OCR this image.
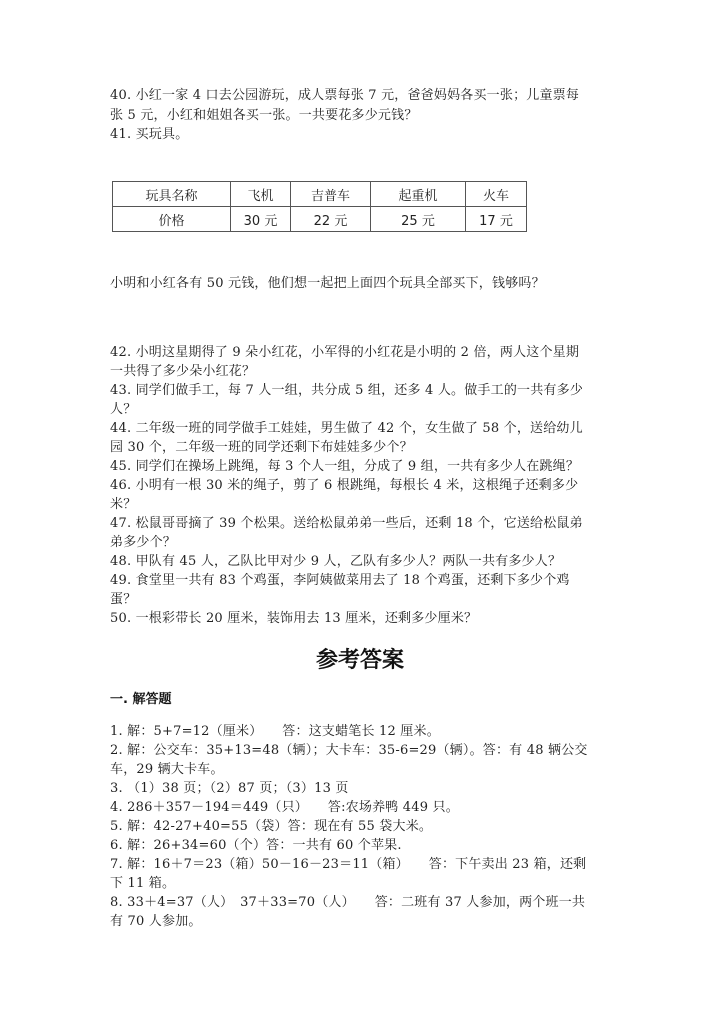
40. 小红一家 4 口去公园游玩，成人票每张 7 元，爸爸妈妈各买一张；儿童票每
张 5 元，小红和姐姐各买一张。一共要花多少元钱？
41. 买玩具。
玩具名称	飞机	吉普车	起重机	火车
价格	30 元	22 元	25 元	17 元
小明和小红各有 50 元钱，他们想一起把上面四个玩具全部买下，钱够吗？
42. 小明这星期得了 9 朵小红花，小军得的小红花是小明的 2 倍，两人这个星期
一共得了多少朵小红花？
43. 同学们做手工，每 7 人一组，共分成 5 组，还多 4 人。做手工的一共有多少
人？
44. 二年级一班的同学做手工娃娃，男生做了 42 个，女生做了 58 个，送给幼儿
园 30 个，二年级一班的同学还剩下布娃娃多少个？
45. 同学们在操场上跳绳，每 3 个人一组，分成了 9 组，一共有多少人在跳绳？
46. 小明有一根 30 米的绳子，剪了 6 根跳绳，每根长 4 米，这根绳子还剩多少
米？
47. 松鼠哥哥摘了 39 个松果。送给松鼠弟弟一些后，还剩 18 个，它送给松鼠弟
弟多少个？
48. 甲队有 45 人，乙队比甲对少 9 人，乙队有多少人？两队一共有多少人？
49. 食堂里一共有 83 个鸡蛋，李阿姨做菜用去了 18 个鸡蛋，还剩下多少个鸡
蛋？
50. 一根彩带长 20 厘米，装饰用去 13 厘米，还剩多少厘米？
参考答案
一. 解答题
1. 解：5+7=12（厘米）　　答：这支蜡笔长 12 厘米。
2. 解：公交车：35+13=48（辆）；大卡车：35-6=29（辆）。答：有 48 辆公交
车，29 辆大卡车。
3. （1）38 页；（2）87 页；（3）13 页
4. 286＋357－194＝449（只）　　答:农场养鸭 449 只。
5. 解：42-27+40=55（袋）答：现在有 55 袋大米。
6. 解：26+34=60（个）答：一共有 60 个苹果.
7. 解：16＋7＝23（箱）50－16－23＝11（箱）　　答：下午卖出 23 箱，还剩
下 11 箱。
8. 33＋4=37（人）　37＋33=70（人）　　答：二班有 37 人参加，两个班一共
有 70 人参加。
